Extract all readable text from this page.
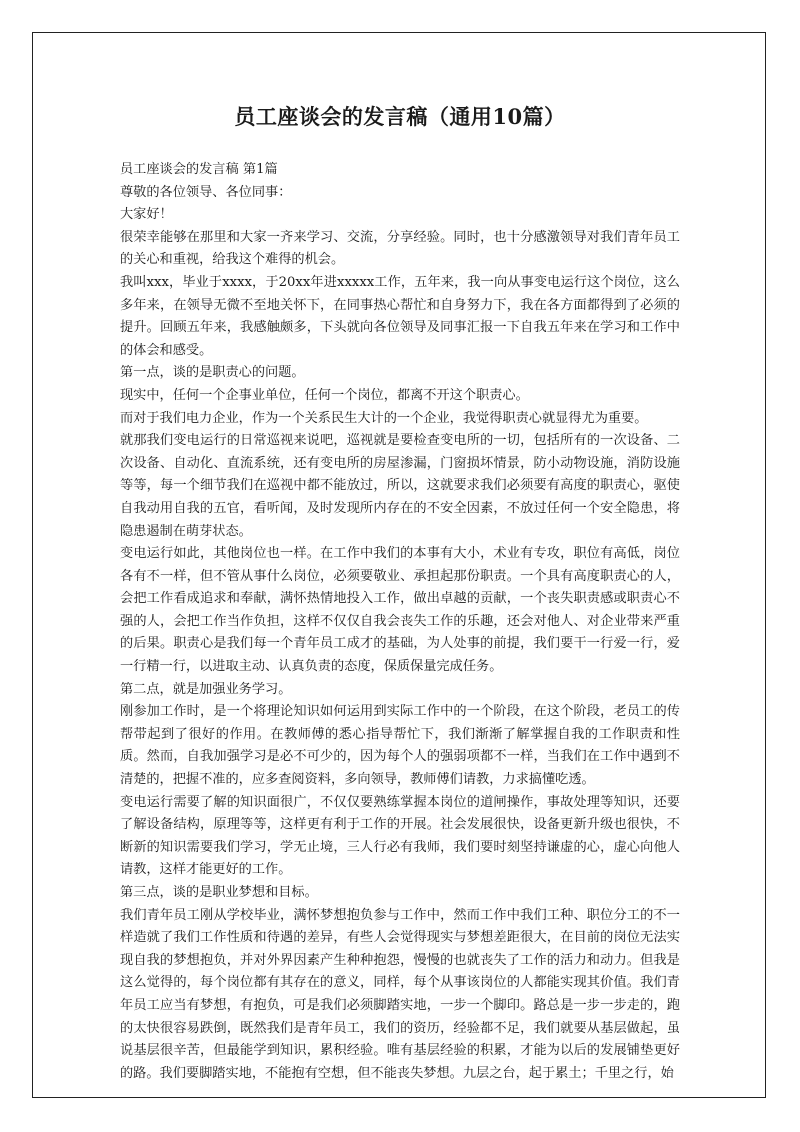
员工座谈会的发言稿（通用10篇）

员工座谈会的发言稿 第1篇

尊敬的各位领导、各位同事：

大家好！

很荣幸能够在那里和大家一齐来学习、交流，分享经验。同时，也十分感激领导对我们青年员工的关心和重视，给我这个难得的机会。

我叫xxx，毕业于xxxx，于20xx年进xxxxx工作，五年来，我一向从事变电运行这个岗位，这么多年来，在领导无微不至地关怀下，在同事热心帮忙和自身努力下，我在各方面都得到了必须的提升。回顾五年来，我感触颇多，下头就向各位领导及同事汇报一下自我五年来在学习和工作中的体会和感受。

第一点，谈的是职责心的问题。

现实中，任何一个企事业单位，任何一个岗位，都离不开这个职责心。

而对于我们电力企业，作为一个关系民生大计的一个企业，我觉得职责心就显得尤为重要。

就那我们变电运行的日常巡视来说吧，巡视就是要检查变电所的一切，包括所有的一次设备、二次设备、自动化、直流系统，还有变电所的房屋渗漏，门窗损坏情景，防小动物设施，消防设施等等，每一个细节我们在巡视中都不能放过，所以，这就要求我们必须要有高度的职责心，驱使自我动用自我的五官，看听闻，及时发现所内存在的不安全因素，不放过任何一个安全隐患，将隐患遏制在萌芽状态。

变电运行如此，其他岗位也一样。在工作中我们的本事有大小，术业有专攻，职位有高低，岗位各有不一样，但不管从事什么岗位，必须要敬业、承担起那份职责。一个具有高度职责心的人，会把工作看成追求和奉献，满怀热情地投入工作，做出卓越的贡献，一个丧失职责感或职责心不强的人，会把工作当作负担，这样不仅仅自我会丧失工作的乐趣，还会对他人、对企业带来严重的后果。职责心是我们每一个青年员工成才的基础，为人处事的前提，我们要干一行爱一行，爱一行精一行，以进取主动、认真负责的态度，保质保量完成任务。

第二点，就是加强业务学习。

刚参加工作时，是一个将理论知识如何运用到实际工作中的一个阶段，在这个阶段，老员工的传帮带起到了很好的作用。在教师傅的悉心指导帮忙下，我们渐渐了解掌握自我的工作职责和性质。然而，自我加强学习是必不可少的，因为每个人的强弱项都不一样，当我们在工作中遇到不清楚的，把握不准的，应多查阅资料，多向领导，教师傅们请教，力求搞懂吃透。

变电运行需要了解的知识面很广，不仅仅要熟练掌握本岗位的道闸操作，事故处理等知识，还要了解设备结构，原理等等，这样更有利于工作的开展。社会发展很快，设备更新升级也很快，不断新的知识需要我们学习，学无止境，三人行必有我师，我们要时刻坚持谦虚的心，虚心向他人请教，这样才能更好的工作。

第三点，谈的是职业梦想和目标。

我们青年员工刚从学校毕业，满怀梦想抱负参与工作中，然而工作中我们工种、职位分工的不一样造就了我们工作性质和待遇的差异，有些人会觉得现实与梦想差距很大，在目前的岗位无法实现自我的梦想抱负，并对外界因素产生种种抱怨，慢慢的也就丧失了工作的活力和动力。但我是这么觉得的，每个岗位都有其存在的意义，同样，每个从事该岗位的人都能实现其价值。我们青年员工应当有梦想，有抱负，可是我们必须脚踏实地，一步一个脚印。路总是一步一步走的，跑的太快很容易跌倒，既然我们是青年员工，我们的资历，经验都不足，我们就要从基层做起，虽说基层很辛苦，但最能学到知识，累积经验。唯有基层经验的积累，才能为以后的发展铺垫更好的路。我们要脚踏实地，不能抱有空想，但不能丧失梦想。九层之台，起于累土；千里之行，始
